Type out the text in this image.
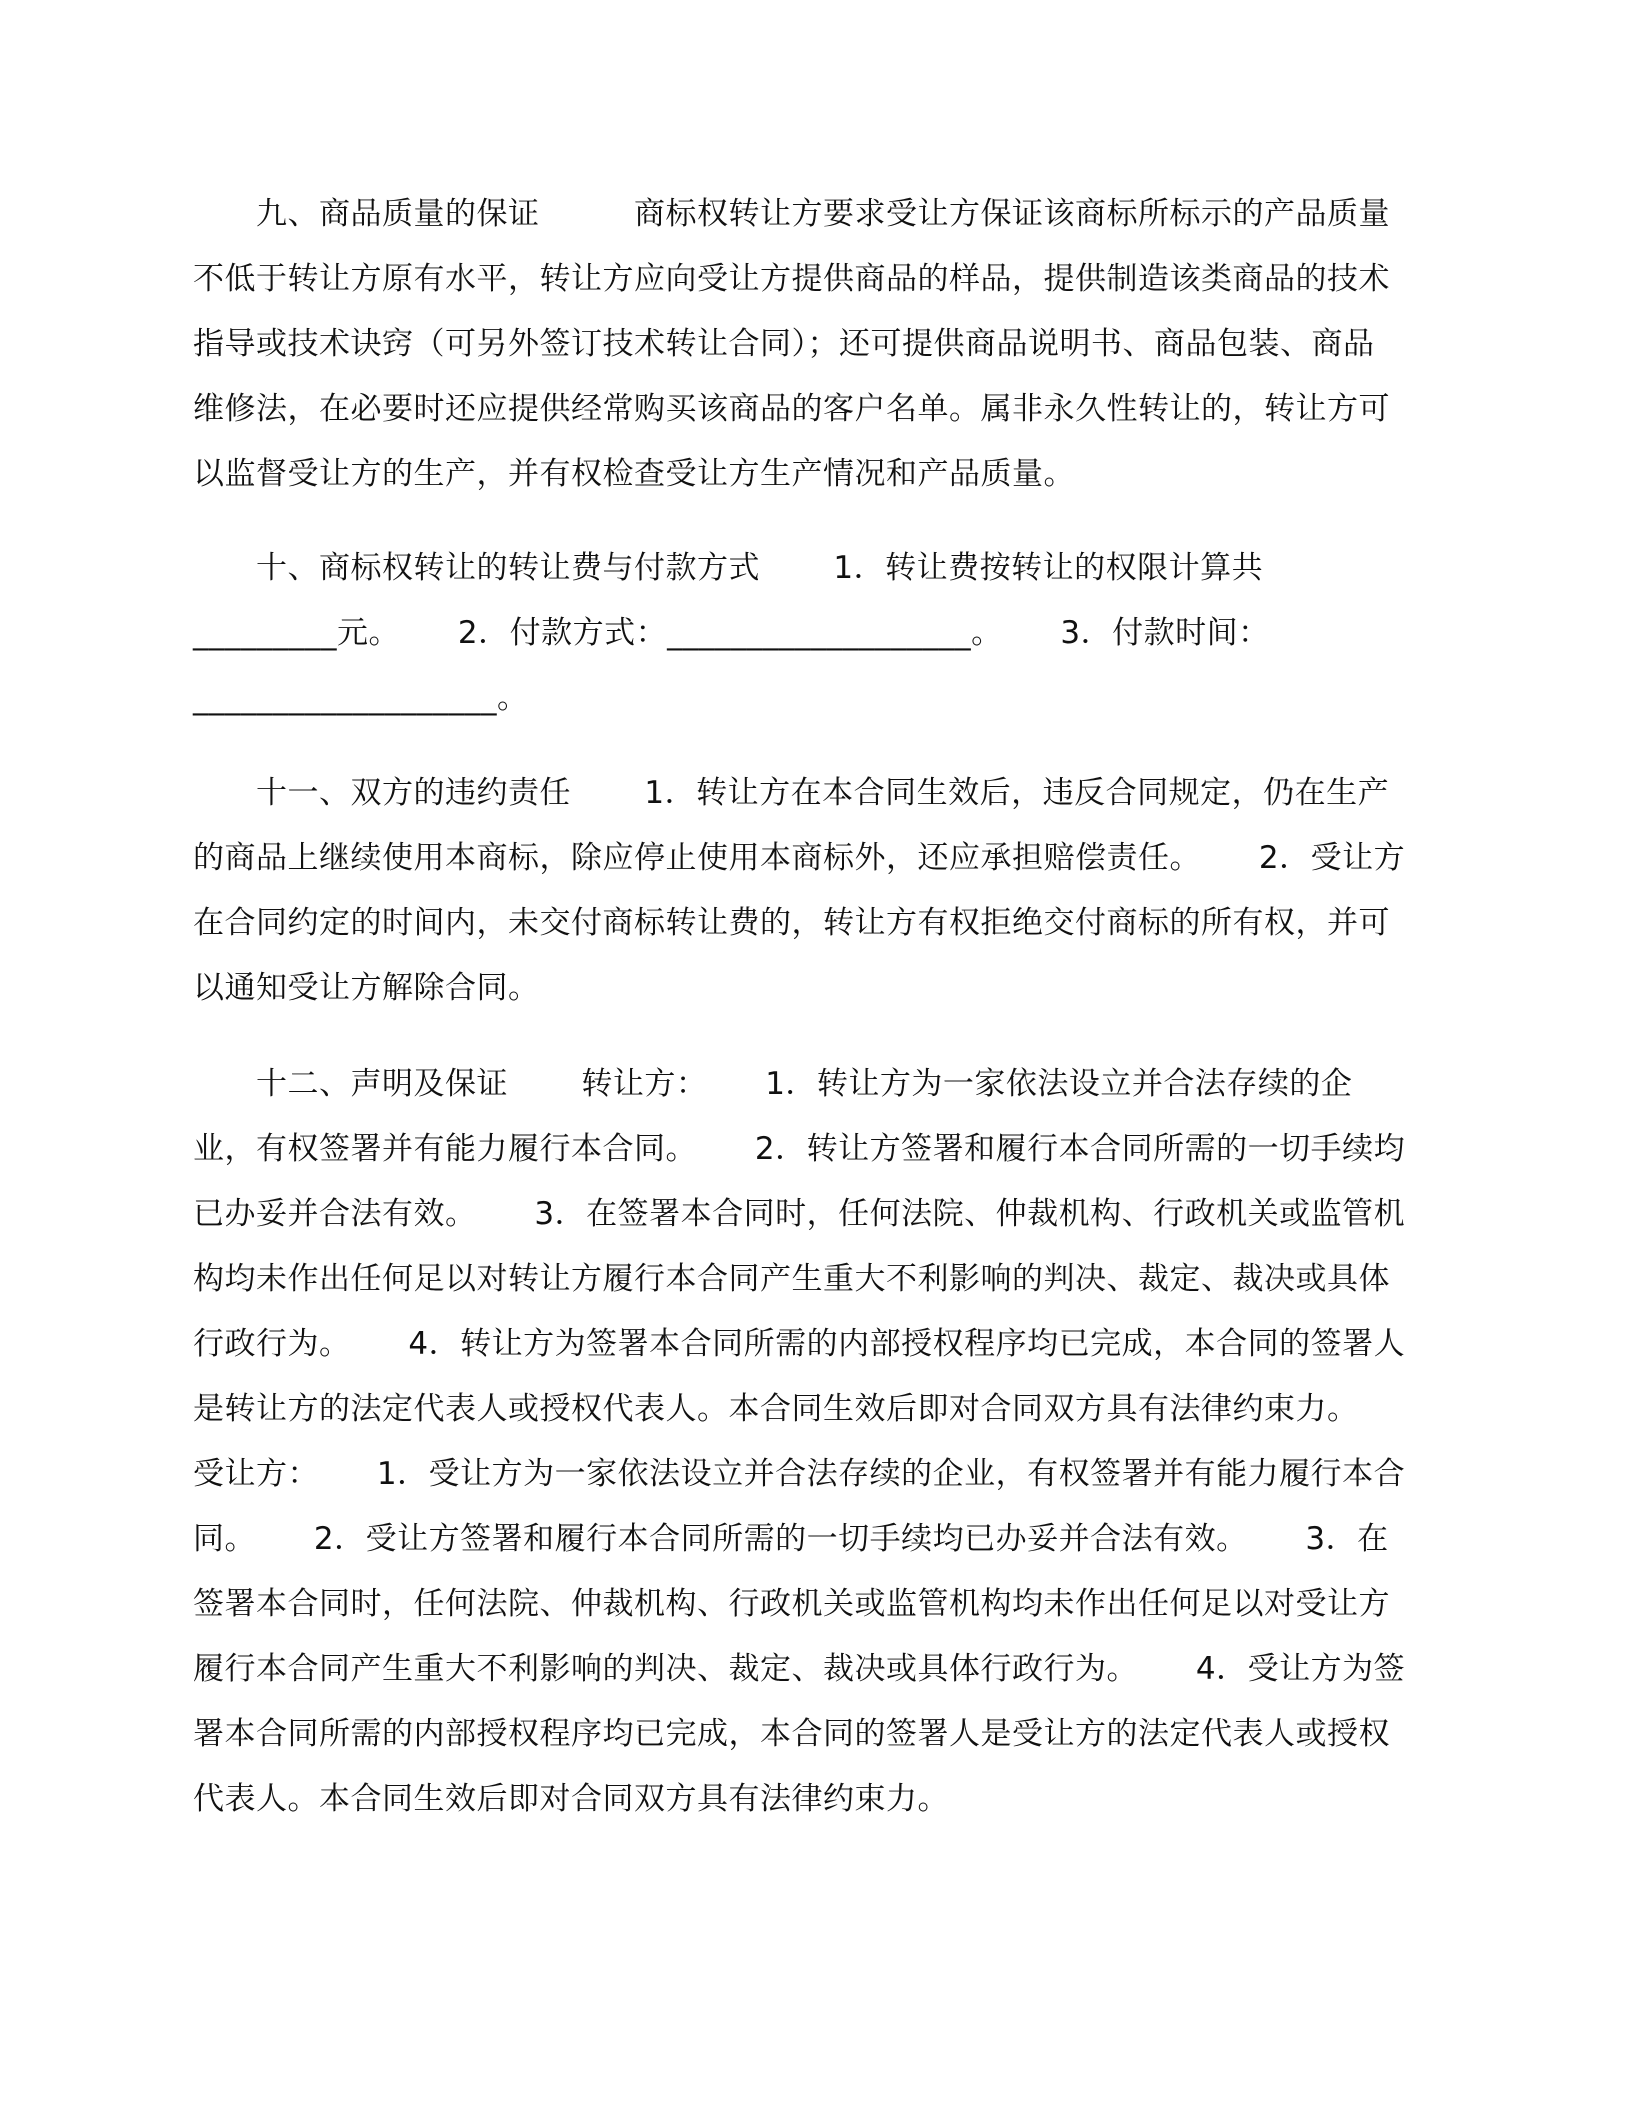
　　九、商品质量的保证　　　商标权转让方要求受让方保证该商标所标示的产品质量
不低于转让方原有水平，转让方应向受让方提供商品的样品，提供制造该类商品的技术
指导或技术诀窍（可另外签订技术转让合同）；还可提供商品说明书、商品包装、商品
维修法，在必要时还应提供经常购买该商品的客户名单。属非永久性转让的，转让方可
以监督受让方的生产，并有权检查受让方生产情况和产品质量。
　　十、商标权转让的转让费与付款方式　　 1．转让费按转让的权限计算共
_________元。　　 2．付款方式：___________________。　　 3．付款时间：
___________________。
　　十一、双方的违约责任　　 1．转让方在本合同生效后，违反合同规定，仍在生产
的商品上继续使用本商标，除应停止使用本商标外，还应承担赔偿责任。　　 2．受让方
在合同约定的时间内，未交付商标转让费的，转让方有权拒绝交付商标的所有权，并可
以通知受让方解除合同。
　　十二、声明及保证　　 转让方：　　 1．转让方为一家依法设立并合法存续的企
业，有权签署并有能力履行本合同。　　 2．转让方签署和履行本合同所需的一切手续均
已办妥并合法有效。　　 3．在签署本合同时，任何法院、仲裁机构、行政机关或监管机
构均未作出任何足以对转让方履行本合同产生重大不利影响的判决、裁定、裁决或具体
行政行为。　　 4．转让方为签署本合同所需的内部授权程序均已完成，本合同的签署人
是转让方的法定代表人或授权代表人。本合同生效后即对合同双方具有法律约束力。
受让方：　　 1．受让方为一家依法设立并合法存续的企业，有权签署并有能力履行本合
同。　　 2．受让方签署和履行本合同所需的一切手续均已办妥并合法有效。　　 3．在
签署本合同时，任何法院、仲裁机构、行政机关或监管机构均未作出任何足以对受让方
履行本合同产生重大不利影响的判决、裁定、裁决或具体行政行为。　　 4．受让方为签
署本合同所需的内部授权程序均已完成，本合同的签署人是受让方的法定代表人或授权
代表人。本合同生效后即对合同双方具有法律约束力。
